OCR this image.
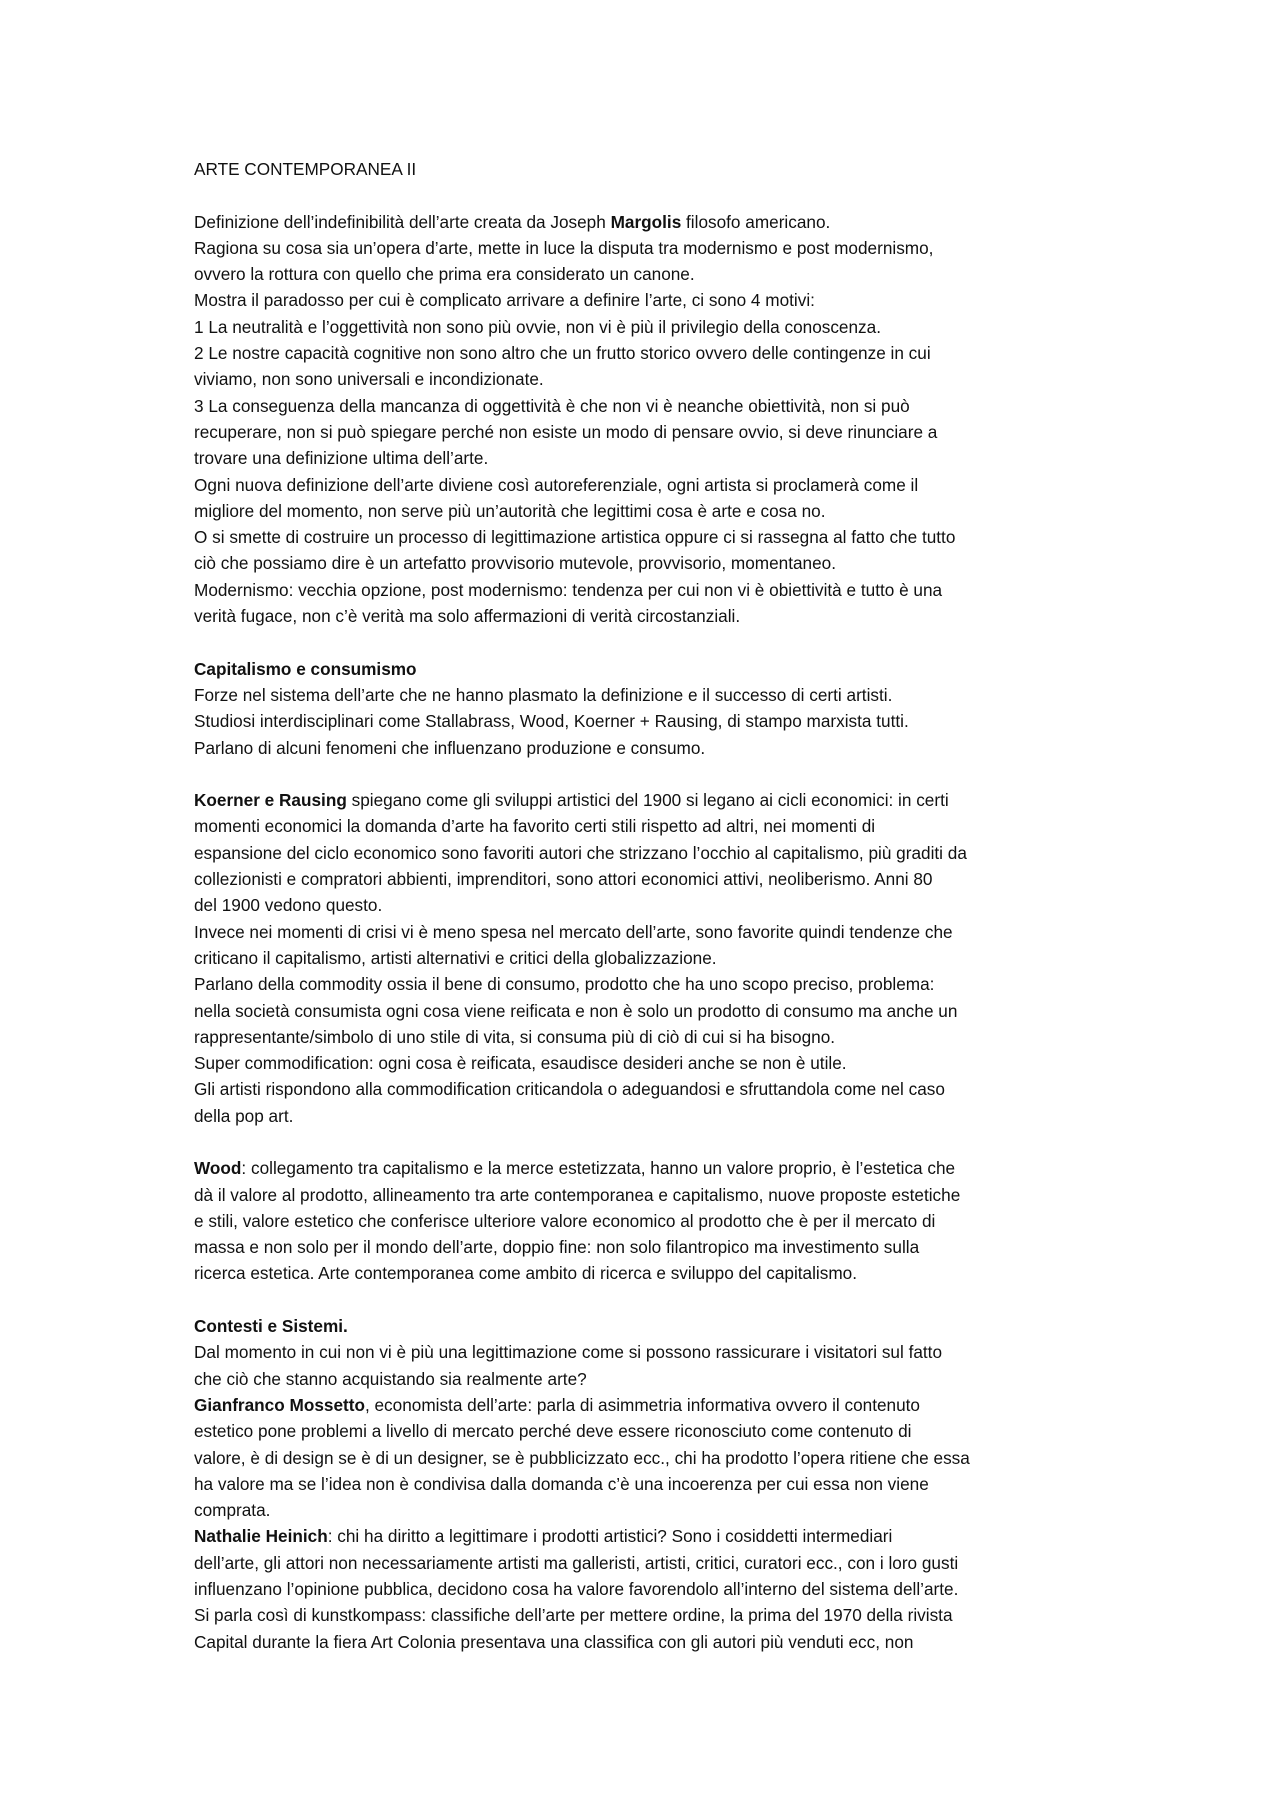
ARTE CONTEMPORANEA II
Definizione dell’indefinibilità dell’arte creata da Joseph Margolis filosofo americano.
Ragiona su cosa sia un’opera d’arte, mette in luce la disputa tra modernismo e post modernismo,
ovvero la rottura con quello che prima era considerato un canone.
Mostra il paradosso per cui è complicato arrivare a definire l’arte, ci sono 4 motivi:
1 La neutralità e l’oggettività non sono più ovvie, non vi è più il privilegio della conoscenza.
2 Le nostre capacità cognitive non sono altro che un frutto storico ovvero delle contingenze in cui
viviamo, non sono universali e incondizionate.
3 La conseguenza della mancanza di oggettività è che non vi è neanche obiettività, non si può
recuperare, non si può spiegare perché non esiste un modo di pensare ovvio, si deve rinunciare a
trovare una definizione ultima dell’arte.
Ogni nuova definizione dell’arte diviene così autoreferenziale, ogni artista si proclamerà come il
migliore del momento, non serve più un’autorità che legittimi cosa è arte e cosa no.
O si smette di costruire un processo di legittimazione artistica oppure ci si rassegna al fatto che tutto
ciò che possiamo dire è un artefatto provvisorio mutevole, provvisorio, momentaneo.
Modernismo: vecchia opzione, post modernismo: tendenza per cui non vi è obiettività e tutto è una
verità fugace, non c’è verità ma solo affermazioni di verità circostanziali.
Capitalismo e consumismo
Forze nel sistema dell’arte che ne hanno plasmato la definizione e il successo di certi artisti.
Studiosi interdisciplinari come Stallabrass, Wood, Koerner + Rausing, di stampo marxista tutti.
Parlano di alcuni fenomeni che influenzano produzione e consumo.
Koerner e Rausing spiegano come gli sviluppi artistici del 1900 si legano ai cicli economici: in certi
momenti economici la domanda d’arte ha favorito certi stili rispetto ad altri, nei momenti di
espansione del ciclo economico sono favoriti autori che strizzano l’occhio al capitalismo, più graditi da
collezionisti e compratori abbienti, imprenditori, sono attori economici attivi, neoliberismo. Anni 80
del 1900 vedono questo.
Invece nei momenti di crisi vi è meno spesa nel mercato dell’arte, sono favorite quindi tendenze che
criticano il capitalismo, artisti alternativi e critici della globalizzazione.
Parlano della commodity ossia il bene di consumo, prodotto che ha uno scopo preciso, problema:
nella società consumista ogni cosa viene reificata e non è solo un prodotto di consumo ma anche un
rappresentante/simbolo di uno stile di vita, si consuma più di ciò di cui si ha bisogno.
Super commodification: ogni cosa è reificata, esaudisce desideri anche se non è utile.
Gli artisti rispondono alla commodification criticandola o adeguandosi e sfruttandola come nel caso
della pop art.
Wood: collegamento tra capitalismo e la merce estetizzata, hanno un valore proprio, è l’estetica che
dà il valore al prodotto, allineamento tra arte contemporanea e capitalismo, nuove proposte estetiche
e stili, valore estetico che conferisce ulteriore valore economico al prodotto che è per il mercato di
massa e non solo per il mondo dell’arte, doppio fine: non solo filantropico ma investimento sulla
ricerca estetica. Arte contemporanea come ambito di ricerca e sviluppo del capitalismo.
Contesti e Sistemi.
Dal momento in cui non vi è più una legittimazione come si possono rassicurare i visitatori sul fatto
che ciò che stanno acquistando sia realmente arte?
Gianfranco Mossetto, economista dell’arte: parla di asimmetria informativa ovvero il contenuto
estetico pone problemi a livello di mercato perché deve essere riconosciuto come contenuto di
valore, è di design se è di un designer, se è pubblicizzato ecc., chi ha prodotto l’opera ritiene che essa
ha valore ma se l’idea non è condivisa dalla domanda c’è una incoerenza per cui essa non viene
comprata.
Nathalie Heinich: chi ha diritto a legittimare i prodotti artistici? Sono i cosiddetti intermediari
dell’arte, gli attori non necessariamente artisti ma galleristi, artisti, critici, curatori ecc., con i loro gusti
influenzano l’opinione pubblica, decidono cosa ha valore favorendolo all’interno del sistema dell’arte.
Si parla così di kunstkompass: classifiche dell’arte per mettere ordine, la prima del 1970 della rivista
Capital durante la fiera Art Colonia presentava una classifica con gli autori più venduti ecc, non
